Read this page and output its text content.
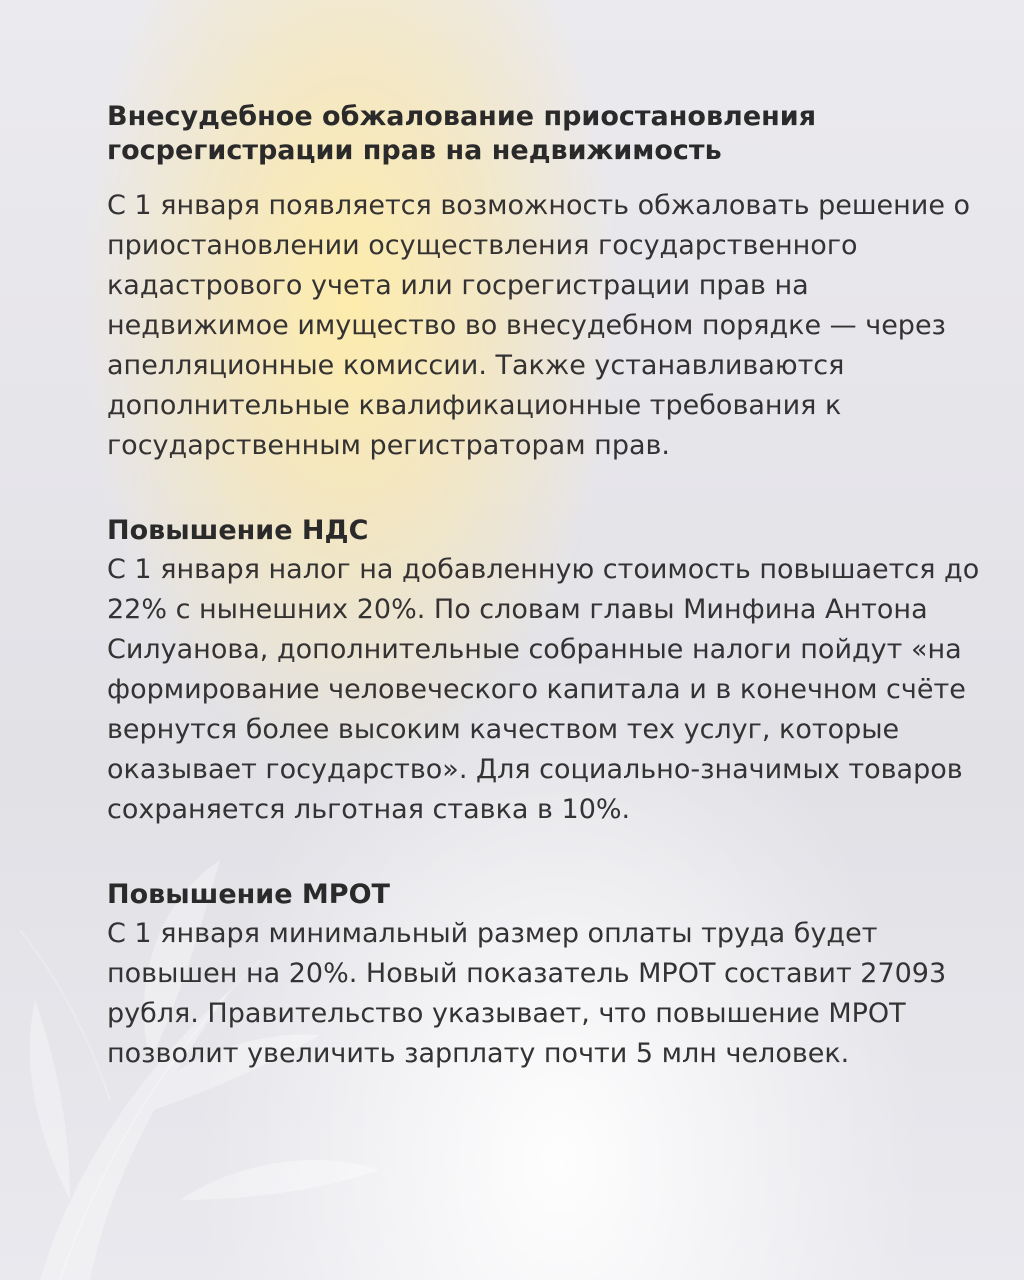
Внесудебное обжалование приостановления госрегистрации прав на недвижимость

С 1 января появляется возможность обжаловать решение о приостановлении осуществления государственного кадастрового учета или госрегистрации прав на недвижимое имущество во внесудебном порядке — через апелляционные комиссии. Также устанавливаются дополнительные квалификационные требования к государственным регистраторам прав.

Повышение НДС

С 1 января налог на добавленную стоимость повышается до 22% с нынешних 20%. По словам главы Минфина Антона Силуанова, дополнительные собранные налоги пойдут «на формирование человеческого капитала и в конечном счёте вернутся более высоким качеством тех услуг, которые оказывает государство». Для социально-значимых товаров сохраняется льготная ставка в 10%.

Повышение МРОТ

С 1 января минимальный размер оплаты труда будет повышен на 20%. Новый показатель МРОТ составит 27093 рубля. Правительство указывает, что повышение МРОТ позволит увеличить зарплату почти 5 млн человек.
